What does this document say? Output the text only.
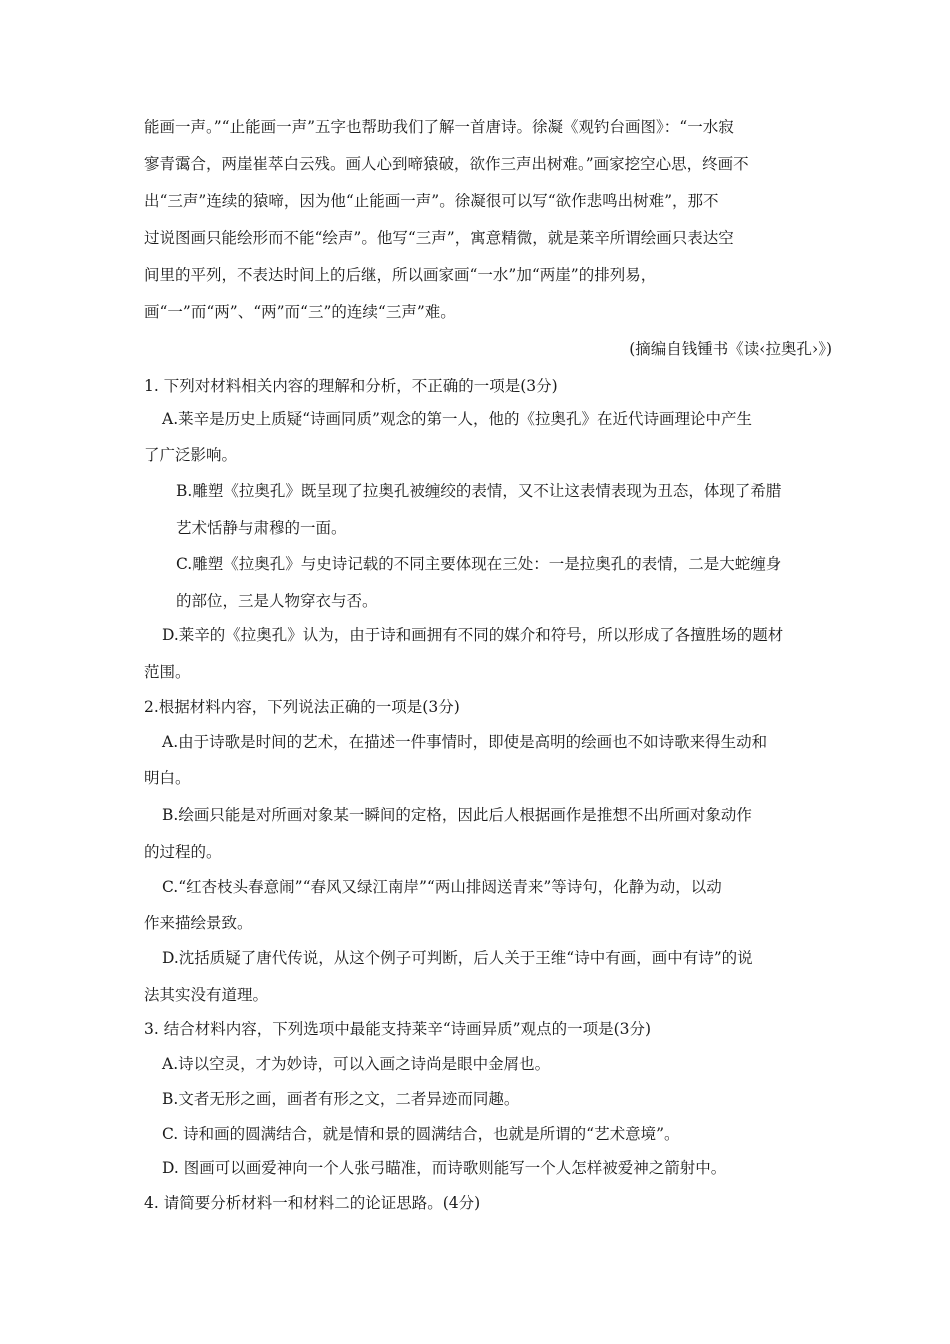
能画一声。”“止能画一声”五字也帮助我们了解一首唐诗。徐凝《观钓台画图》：“一水寂
寥青霭合，两崖崔萃白云残。画人心到啼猿破，欲作三声出树难。”画家挖空心思，终画不
出“三声”连续的猿啼，因为他“止能画一声”。徐凝很可以写“欲作悲鸣出树难”，那不
过说图画只能绘形而不能“绘声”。他写“三声”，寓意精微，就是莱辛所谓绘画只表达空
间里的平列，不表达时间上的后继，所以画家画“一水”加“两崖”的排列易，
画“一”而“两”、“两”而“三”的连续“三声”难。
(摘编自钱锺书《读‹拉奥孔›》)
1. 下列对材料相关内容的理解和分析，不正确的一项是(3分)
A.莱辛是历史上质疑“诗画同质”观念的第一人，他的《拉奥孔》在近代诗画理论中产生
了广泛影响。
B.雕塑《拉奥孔》既呈现了拉奥孔被缠绞的表情，又不让这表情表现为丑态，体现了希腊
艺术恬静与肃穆的一面。
C.雕塑《拉奥孔》与史诗记载的不同主要体现在三处：一是拉奥孔的表情，二是大蛇缠身
的部位，三是人物穿衣与否。
D.莱辛的《拉奥孔》认为，由于诗和画拥有不同的媒介和符号，所以形成了各擅胜场的题材
范围。
2.根据材料内容，下列说法正确的一项是(3分)
A.由于诗歌是时间的艺术，在描述一件事情时，即使是高明的绘画也不如诗歌来得生动和
明白。
B.绘画只能是对所画对象某一瞬间的定格，因此后人根据画作是推想不出所画对象动作
的过程的。
C.“红杏枝头春意闹”“春风又绿江南岸”“两山排闼送青来”等诗句，化静为动，以动
作来描绘景致。
D.沈括质疑了唐代传说，从这个例子可判断，后人关于王维“诗中有画，画中有诗”的说
法其实没有道理。
3. 结合材料内容，下列选项中最能支持莱辛“诗画异质”观点的一项是(3分)
A.诗以空灵，才为妙诗，可以入画之诗尚是眼中金屑也。
B.文者无形之画，画者有形之文，二者异迹而同趣。
C. 诗和画的圆满结合，就是情和景的圆满结合，也就是所谓的“艺术意境”。
D. 图画可以画爱神向一个人张弓瞄准，而诗歌则能写一个人怎样被爱神之箭射中。
4. 请简要分析材料一和材料二的论证思路。(4分)
